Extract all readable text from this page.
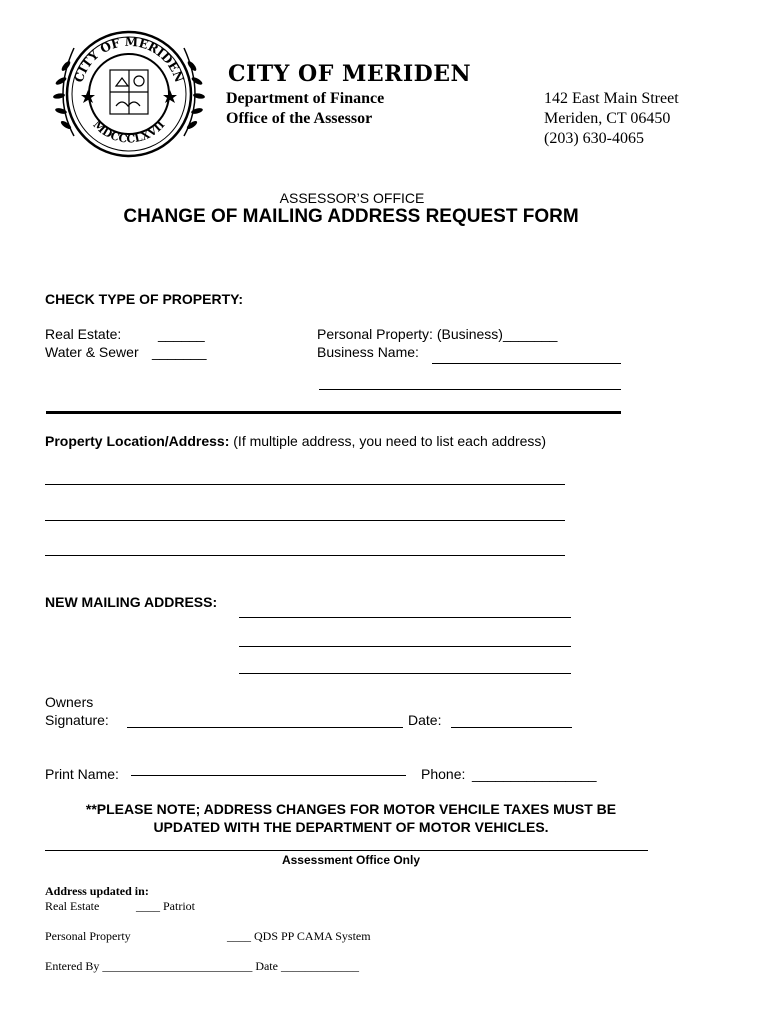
CITY OF MERIDEN
MDCCCLXVII
CITY OF MERIDEN
Department of Finance
Office of the Assessor
142 East Main Street
Meriden, CT 06450
(203) 630-4065
ASSESSOR’S OFFICE
CHANGE OF MAILING ADDRESS REQUEST FORM
CHECK TYPE OF PROPERTY:
Real Estate:	______
Water & Sewer _______
Personal Property: (Business)_______
Business Name:
Property Location/Address: (If multiple address, you need to list each address)
NEW MAILING ADDRESS:
Owners
Signature:	Date:
Print Name:	Phone: ________________
**PLEASE NOTE; ADDRESS CHANGES FOR MOTOR VEHCILE TAXES MUST BE
UPDATED WITH THE DEPARTMENT OF MOTOR VEHICLES.
Assessment Office Only
Address updated in:
Real Estate	____ Patriot
Personal Property	____ QDS PP CAMA System
Entered By _________________________ Date _____________
